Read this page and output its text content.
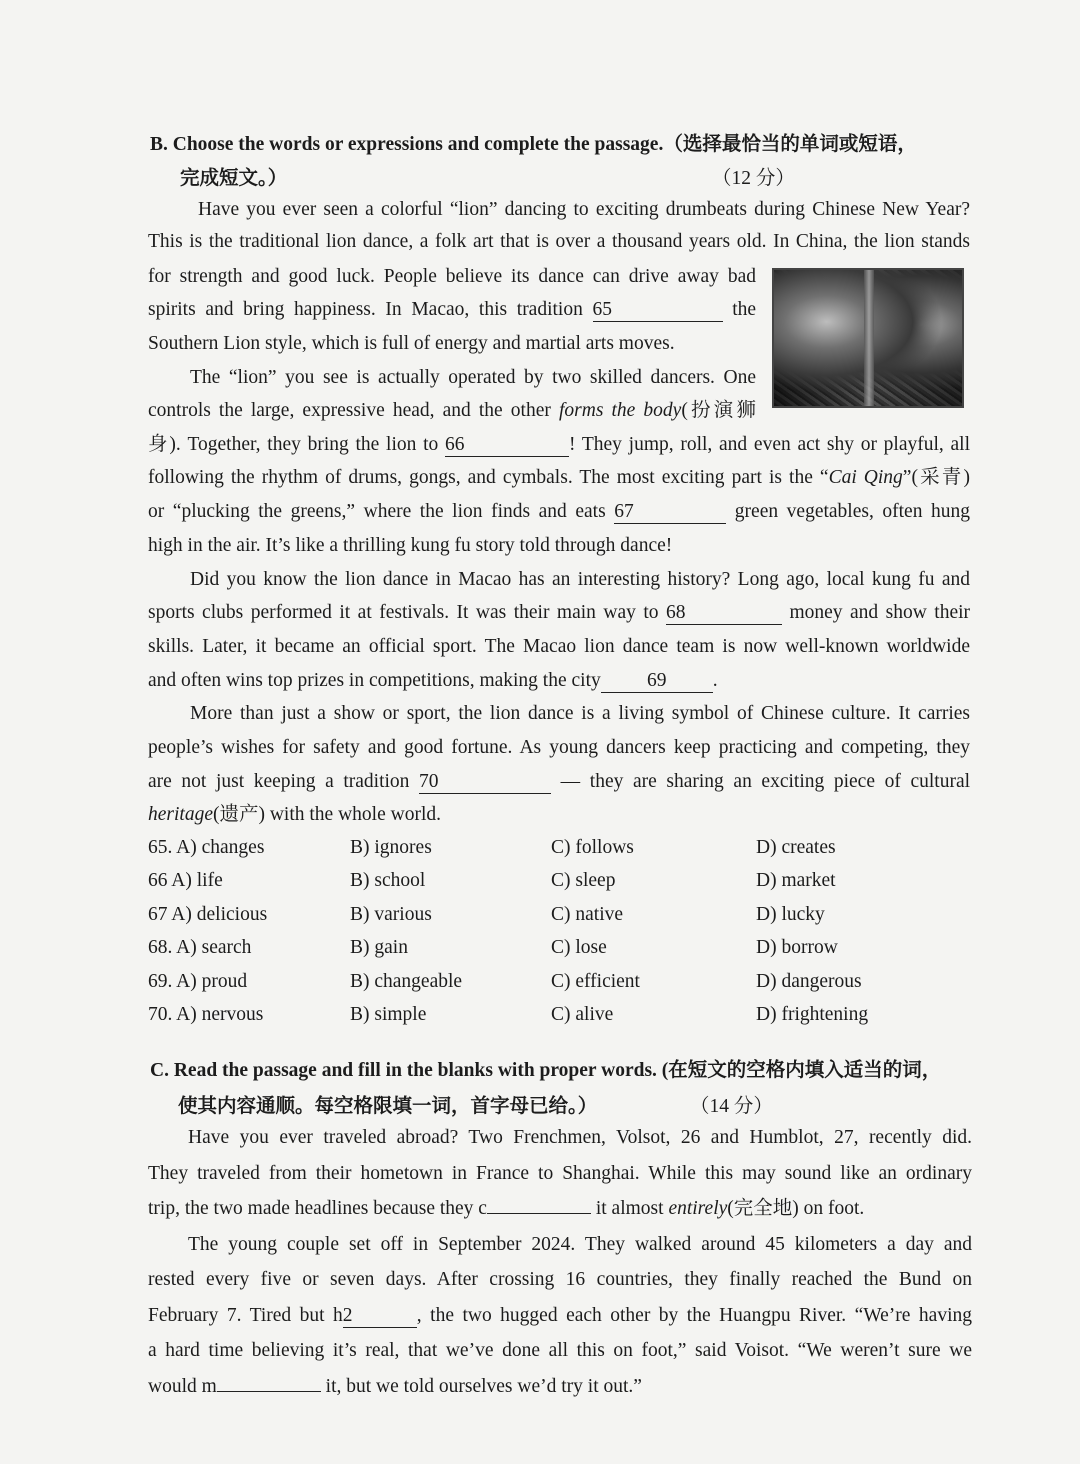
B. Choose the words or expressions and complete the passage.（选择最恰当的单词或短语，
完成短文。）	（12 分）
Have you ever seen a colorful “lion” dancing to exciting drumbeats during Chinese New Year?
This is the traditional lion dance, a folk art that is over a thousand years old. In China, the lion stands
for strength and good luck. People believe its dance can drive away bad
spirits and bring happiness. In Macao, this tradition 65	the
Southern Lion style, which is full of energy and martial arts moves.
The “lion” you see is actually operated by two skilled dancers. One
controls the large, expressive head, and the other forms the body(扮演狮
身). Together, they bring the lion to 66	! They jump, roll, and even act shy or playful, all
following the rhythm of drums, gongs, and cymbals. The most exciting part is the “Cai Qing”(采青)
or “plucking the greens,” where the lion finds and eats 67	green vegetables, often hung
high in the air. It’s like a thrilling kung fu story told through dance!
Did you know the lion dance in Macao has an interesting history? Long ago, local kung fu and
sports clubs performed it at festivals. It was their main way to 68	money and show their
skills. Later, it became an official sport. The Macao lion dance team is now well-known worldwide
and often wins top prizes in competitions, making the city 69 .
More than just a show or sport, the lion dance is a living symbol of Chinese culture. It carries
people’s wishes for safety and good fortune. As young dancers keep practicing and competing, they
are not just keeping a tradition 70	— they are sharing an exciting piece of cultural
heritage(遗产) with the whole world.
65. A) changes	B) ignores	C) follows	D) creates
66 A) life	B) school	C) sleep	D) market
67 A) delicious	B) various	C) native	D) lucky
68. A) search	B) gain	C) lose	D) borrow
69. A) proud	B) changeable	C) efficient	D) dangerous
70. A) nervous	B) simple	C) alive	D) frightening
C. Read the passage and fill in the blanks with proper words. (在短文的空格内填入适当的词，
使其内容通顺。每空格限填一词，首字母已给。）	（14 分）
Have you ever traveled abroad? Two Frenchmen, Volsot, 26 and Humblot, 27, recently did.
They traveled from their hometown in France to Shanghai. While this may sound like an ordinary
trip, the two made headlines because they c	it almost entirely(完全地) on foot.
The young couple set off in September 2024. They walked around 45 kilometers a day and
rested every five or seven days. After crossing 16 countries, they finally reached the Bund on
February 7. Tired but h2	, the two hugged each other by the Huangpu River. “We’re having
a hard time believing it’s real, that we’ve done all this on foot,” said Voisot. “We weren’t sure we
would m	it, but we told ourselves we’d try it out.”
